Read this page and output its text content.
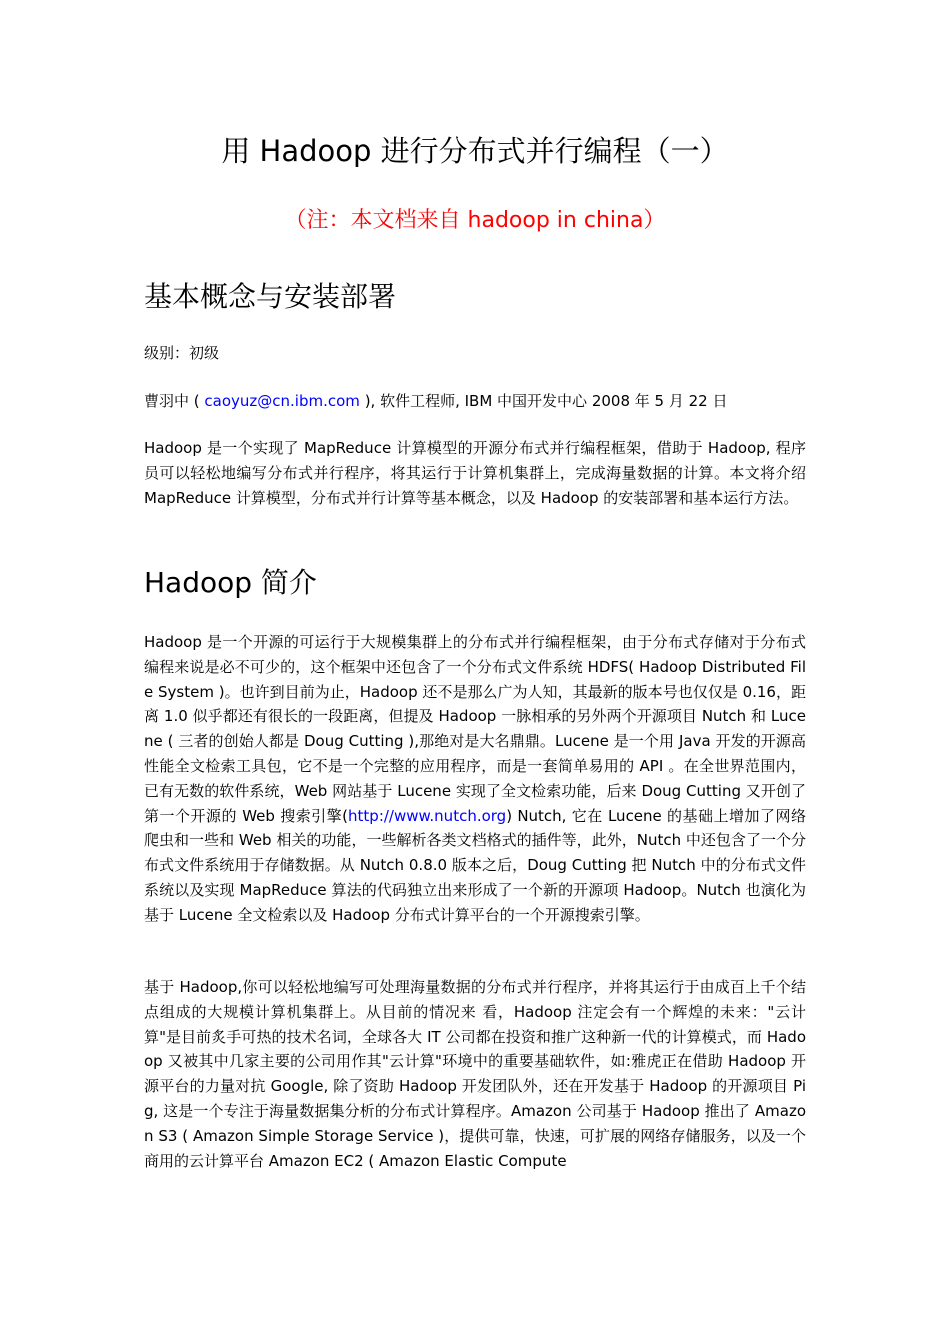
用 Hadoop 进行分布式并行编程（一）
（注：本文档来自 hadoop in china）
基本概念与安装部署

级别：初级

曹羽中 ( caoyuz@cn.ibm.com ), 软件工程师, IBM 中国开发中心 2008 年 5 月 22 日

Hadoop 是一个实现了 MapReduce 计算模型的开源分布式并行编程框架，借助于 Hadoop, 程序员可以轻松地编写分布式并行程序，将其运行于计算机集群上，完成海量数据的计算。本文将介绍 MapReduce 计算模型，分布式并行计算等基本概念，以及 Hadoop 的安装部署和基本运行方法。

Hadoop 简介

Hadoop 是一个开源的可运行于大规模集群上的分布式并行编程框架，由于分布式存储对于分布式编程来说是必不可少的，这个框架中还包含了一个分布式文件系统 HDFS( Hadoop Distributed File System )。也许到目前为止，Hadoop 还不是那么广为人知，其最新的版本号也仅仅是 0.16，距离 1.0 似乎都还有很长的一段距离，但提及 Hadoop 一脉相承的另外两个开源项目 Nutch 和 Lucene ( 三者的创始人都是 Doug Cutting ),那绝对是大名鼎鼎。Lucene 是一个用 Java 开发的开源高性能全文检索工具包，它不是一个完整的应用程序，而是一套简单易用的 API 。在全世界范围内，已有无数的软件系统，Web 网站基于 Lucene 实现了全文检索功能，后来 Doug Cutting 又开创了第一个开源的 Web 搜索引擎(http://www.nutch.org) Nutch, 它在 Lucene 的基础上增加了网络爬虫和一些和 Web 相关的功能，一些解析各类文档格式的插件等，此外，Nutch 中还包含了一个分布式文件系统用于存储数据。从 Nutch 0.8.0 版本之后，Doug Cutting 把 Nutch 中的分布式文件系统以及实现 MapReduce 算法的代码独立出来形成了一个新的开源项 Hadoop。Nutch 也演化为基于 Lucene 全文检索以及 Hadoop 分布式计算平台的一个开源搜索引擎。

基于 Hadoop,你可以轻松地编写可处理海量数据的分布式并行程序，并将其运行于由成百上千个结点组成的大规模计算机集群上。从目前的情况来 看，Hadoop 注定会有一个辉煌的未来："云计算"是目前炙手可热的技术名词，全球各大 IT 公司都在投资和推广这种新一代的计算模式，而 Hadoop 又被其中几家主要的公司用作其"云计算"环境中的重要基础软件，如:雅虎正在借助 Hadoop 开源平台的力量对抗 Google, 除了资助 Hadoop 开发团队外，还在开发基于 Hadoop 的开源项目 Pig, 这是一个专注于海量数据集分析的分布式计算程序。Amazon 公司基于 Hadoop 推出了 Amazon S3 ( Amazon Simple Storage Service )，提供可靠，快速，可扩展的网络存储服务，以及一个商用的云计算平台 Amazon EC2 ( Amazon Elastic Compute
